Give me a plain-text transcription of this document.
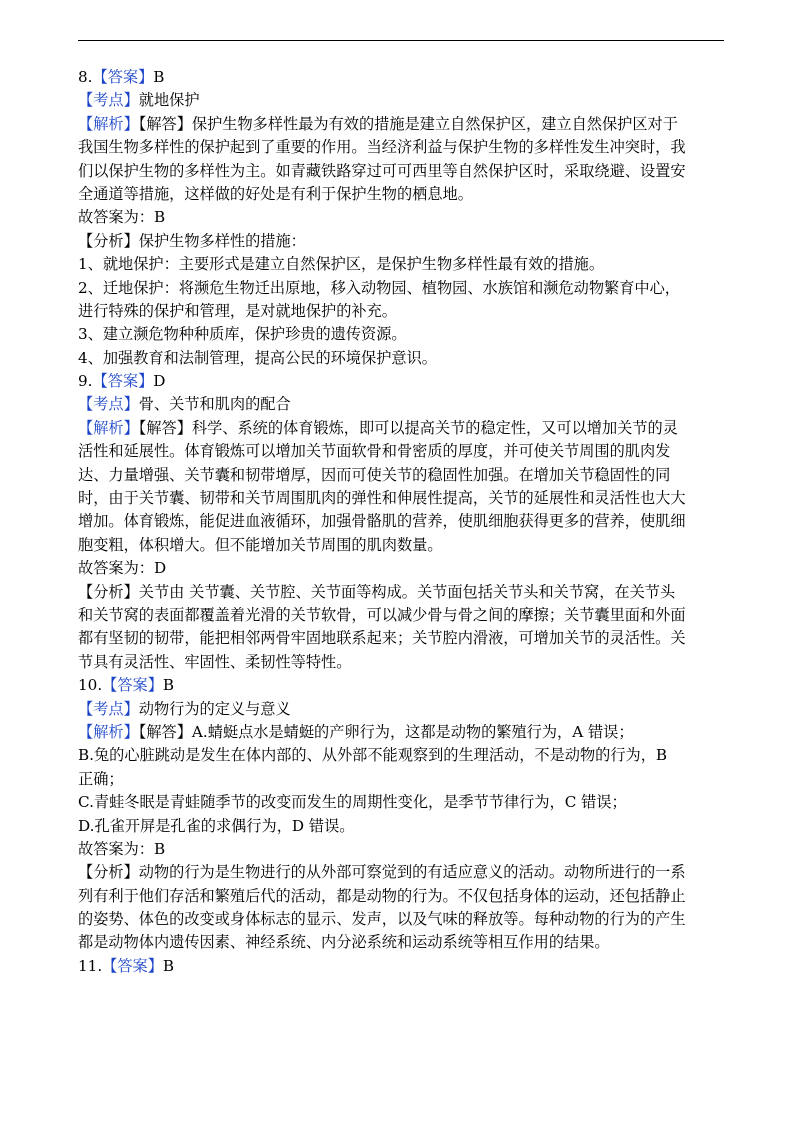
8.【答案】B
【考点】就地保护
【解析】【解答】保护生物多样性最为有效的措施是建立自然保护区，建立自然保护区对于
我国生物多样性的保护起到了重要的作用。当经济利益与保护生物的多样性发生冲突时，我
们以保护生物的多样性为主。如青藏铁路穿过可可西里等自然保护区时，采取绕避、设置安
全通道等措施，这样做的好处是有利于保护生物的栖息地。
故答案为：B
【分析】保护生物多样性的措施：
1、就地保护：主要形式是建立自然保护区，是保护生物多样性最有效的措施。
2、迁地保护：将濒危生物迁出原地，移入动物园、植物园、水族馆和濒危动物繁育中心，
进行特殊的保护和管理，是对就地保护的补充。
3、建立濒危物种种质库，保护珍贵的遗传资源。
4、加强教育和法制管理，提高公民的环境保护意识。
9.【答案】D
【考点】骨、关节和肌肉的配合
【解析】【解答】科学、系统的体育锻炼，即可以提高关节的稳定性，又可以增加关节的灵
活性和延展性。体育锻炼可以增加关节面软骨和骨密质的厚度，并可使关节周围的肌肉发
达、力量增强、关节囊和韧带增厚，因而可使关节的稳固性加强。在增加关节稳固性的同
时，由于关节囊、韧带和关节周围肌肉的弹性和伸展性提高，关节的延展性和灵活性也大大
增加。体育锻炼，能促进血液循环，加强骨骼肌的营养，使肌细胞获得更多的营养，使肌细
胞变粗，体积增大。但不能增加关节周围的肌肉数量。
故答案为：D
【分析】关节由 关节囊、关节腔、关节面等构成。关节面包括关节头和关节窝，在关节头
和关节窝的表面都覆盖着光滑的关节软骨，可以减少骨与骨之间的摩擦；关节囊里面和外面
都有坚韧的韧带，能把相邻两骨牢固地联系起来；关节腔内滑液，可增加关节的灵活性。关
节具有灵活性、牢固性、柔韧性等特性。
10.【答案】B
【考点】动物行为的定义与意义
【解析】【解答】A.蜻蜓点水是蜻蜓的产卵行为，这都是动物的繁殖行为，A 错误；
B.兔的心脏跳动是发生在体内部的、从外部不能观察到的生理活动，不是动物的行为，B
正确；
C.青蛙冬眠是青蛙随季节的改变而发生的周期性变化，是季节节律行为，C 错误；
D.孔雀开屏是孔雀的求偶行为，D 错误。
故答案为：B
【分析】动物的行为是生物进行的从外部可察觉到的有适应意义的活动。动物所进行的一系
列有利于他们存活和繁殖后代的活动，都是动物的行为。不仅包括身体的运动，还包括静止
的姿势、体色的改变或身体标志的显示、发声，以及气味的释放等。每种动物的行为的产生
都是动物体内遗传因素、神经系统、内分泌系统和运动系统等相互作用的结果。
11.【答案】B
